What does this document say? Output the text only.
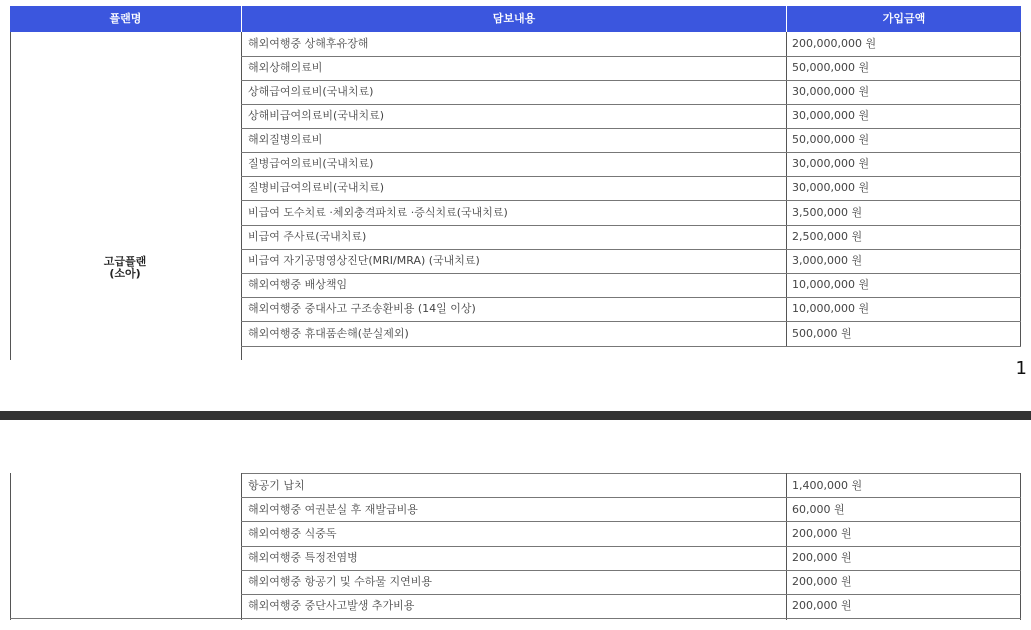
플랜명	담보내용	가입금액
고급플랜
(소아)
해외여행중 상해후유장해	200,000,000 원
해외상해의료비	50,000,000 원
상해급여의료비(국내치료)	30,000,000 원
상해비급여의료비(국내치료)	30,000,000 원
해외질병의료비	50,000,000 원
질병급여의료비(국내치료)	30,000,000 원
질병비급여의료비(국내치료)	30,000,000 원
비급여 도수치료 ·체외충격파치료 ·증식치료(국내치료)	3,500,000 원
비급여 주사료(국내치료)	2,500,000 원
비급여 자기공명영상진단(MRI/MRA) (국내치료)	3,000,000 원
해외여행중 배상책임	10,000,000 원
해외여행중 중대사고 구조송환비용 (14일 이상)	10,000,000 원
해외여행중 휴대품손해(분실제외)	500,000 원
1
항공기 납치	1,400,000 원
해외여행중 여권분실 후 재발급비용	60,000 원
해외여행중 식중독	200,000 원
해외여행중 특정전염병	200,000 원
해외여행중 항공기 및 수하물 지연비용	200,000 원
해외여행중 중단사고발생 추가비용	200,000 원
